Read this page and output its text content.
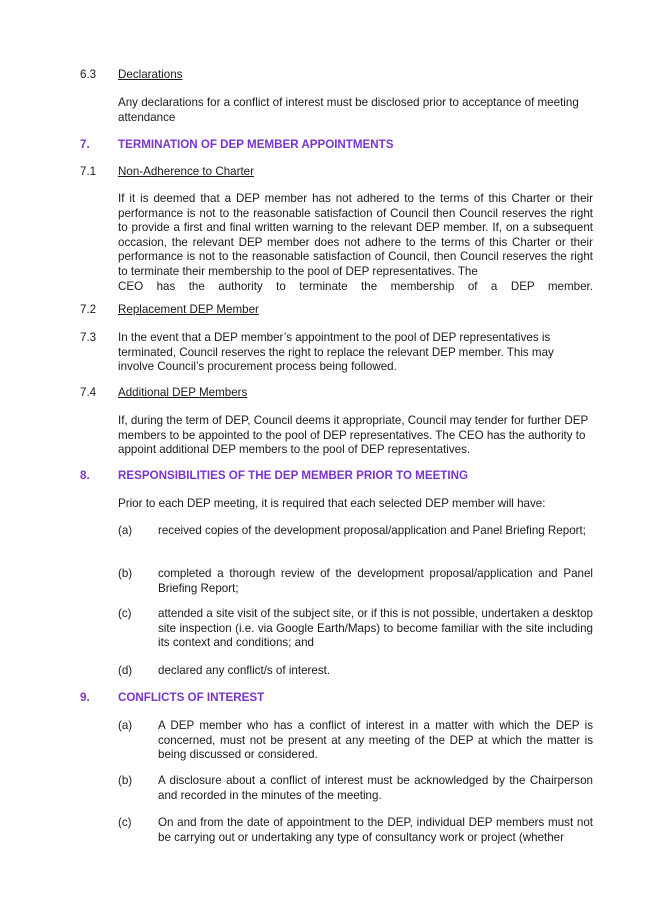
6.3 Declarations
Any declarations for a conflict of interest must be disclosed prior to acceptance of meeting attendance
7. TERMINATION OF DEP MEMBER APPOINTMENTS
7.1 Non-Adherence to Charter
If it is deemed that a DEP member has not adhered to the terms of this Charter or their performance is not to the reasonable satisfaction of Council then Council reserves the right to provide a first and final written warning to the relevant DEP member. If, on a subsequent occasion, the relevant DEP member does not adhere to the terms of this Charter or their performance is not to the reasonable satisfaction of Council, then Council reserves the right to terminate their membership to the pool of DEP representatives. The
CEO has the authority to terminate the membership of a DEP member.
7.2 Replacement DEP Member
7.3 In the event that a DEP member’s appointment to the pool of DEP representatives is terminated, Council reserves the right to replace the relevant DEP member. This may involve Council’s procurement process being followed.
7.4 Additional DEP Members
If, during the term of DEP, Council deems it appropriate, Council may tender for further DEP members to be appointed to the pool of DEP representatives. The CEO has the authority to appoint additional DEP members to the pool of DEP representatives.
8. RESPONSIBILITIES OF THE DEP MEMBER PRIOR TO MEETING
Prior to each DEP meeting, it is required that each selected DEP member will have:
(a) received copies of the development proposal/application and Panel Briefing Report;
(b) completed a thorough review of the development proposal/application and Panel Briefing Report;
(c) attended a site visit of the subject site, or if this is not possible, undertaken a desktop site inspection (i.e. via Google Earth/Maps) to become familiar with the site including its context and conditions; and
(d) declared any conflict/s of interest.
9. CONFLICTS OF INTEREST
(a) A DEP member who has a conflict of interest in a matter with which the DEP is concerned, must not be present at any meeting of the DEP at which the matter is being discussed or considered.
(b) A disclosure about a conflict of interest must be acknowledged by the Chairperson and recorded in the minutes of the meeting.
(c) On and from the date of appointment to the DEP, individual DEP members must not be carrying out or undertaking any type of consultancy work or project (whether
